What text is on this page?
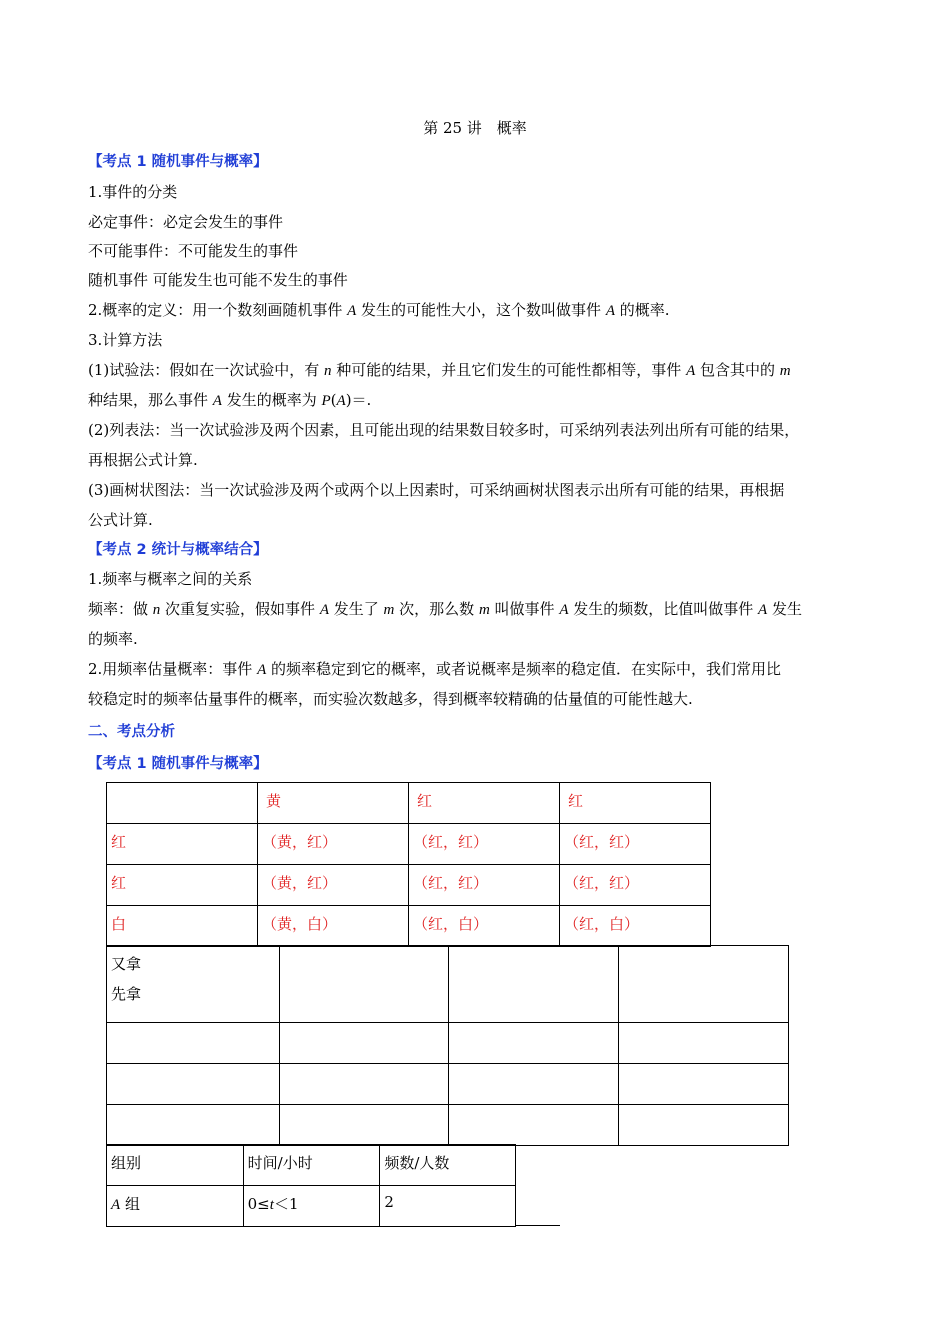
第 25 讲　概率
【考点 1 随机事件与概率】
1.事件的分类
必定事件：必定会发生的事件
不可能事件：不可能发生的事件
随机事件 可能发生也可能不发生的事件
2.概率的定义：用一个数刻画随机事件 A 发生的可能性大小，这个数叫做事件 A 的概率.
3.计算方法
(1)试验法：假如在一次试验中，有 n 种可能的结果，并且它们发生的可能性都相等，事件 A 包含其中的 m
种结果，那么事件 A 发生的概率为 P(A)＝.
(2)列表法：当一次试验涉及两个因素，且可能出现的结果数目较多时，可采纳列表法列出所有可能的结果，
再根据公式计算.
(3)画树状图法：当一次试验涉及两个或两个以上因素时，可采纳画树状图表示出所有可能的结果，再根据
公式计算.
【考点 2 统计与概率结合】
1.频率与概率之间的关系
频率：做 n 次重复实验，假如事件 A 发生了 m 次，那么数 m 叫做事件 A 发生的频数，比值叫做事件 A 发生
的频率.
2.用频率估量概率：事件 A 的频率稳定到它的概率，或者说概率是频率的稳定值．在实际中，我们常用比
较稳定时的频率估量事件的概率，而实验次数越多，得到概率较精确的估量值的可能性越大.
二、考点分析
【考点 1 随机事件与概率】
	黄	红	红
红	（黄，红）	（红，红）	（红，红）
红	（黄，红）	（红，红）	（红，红）
白	（黄，白）	（红，白）	（红，白）
又拿
先拿			

组别	时间/小时	频数/人数
A 组	0≤t＜1	2
